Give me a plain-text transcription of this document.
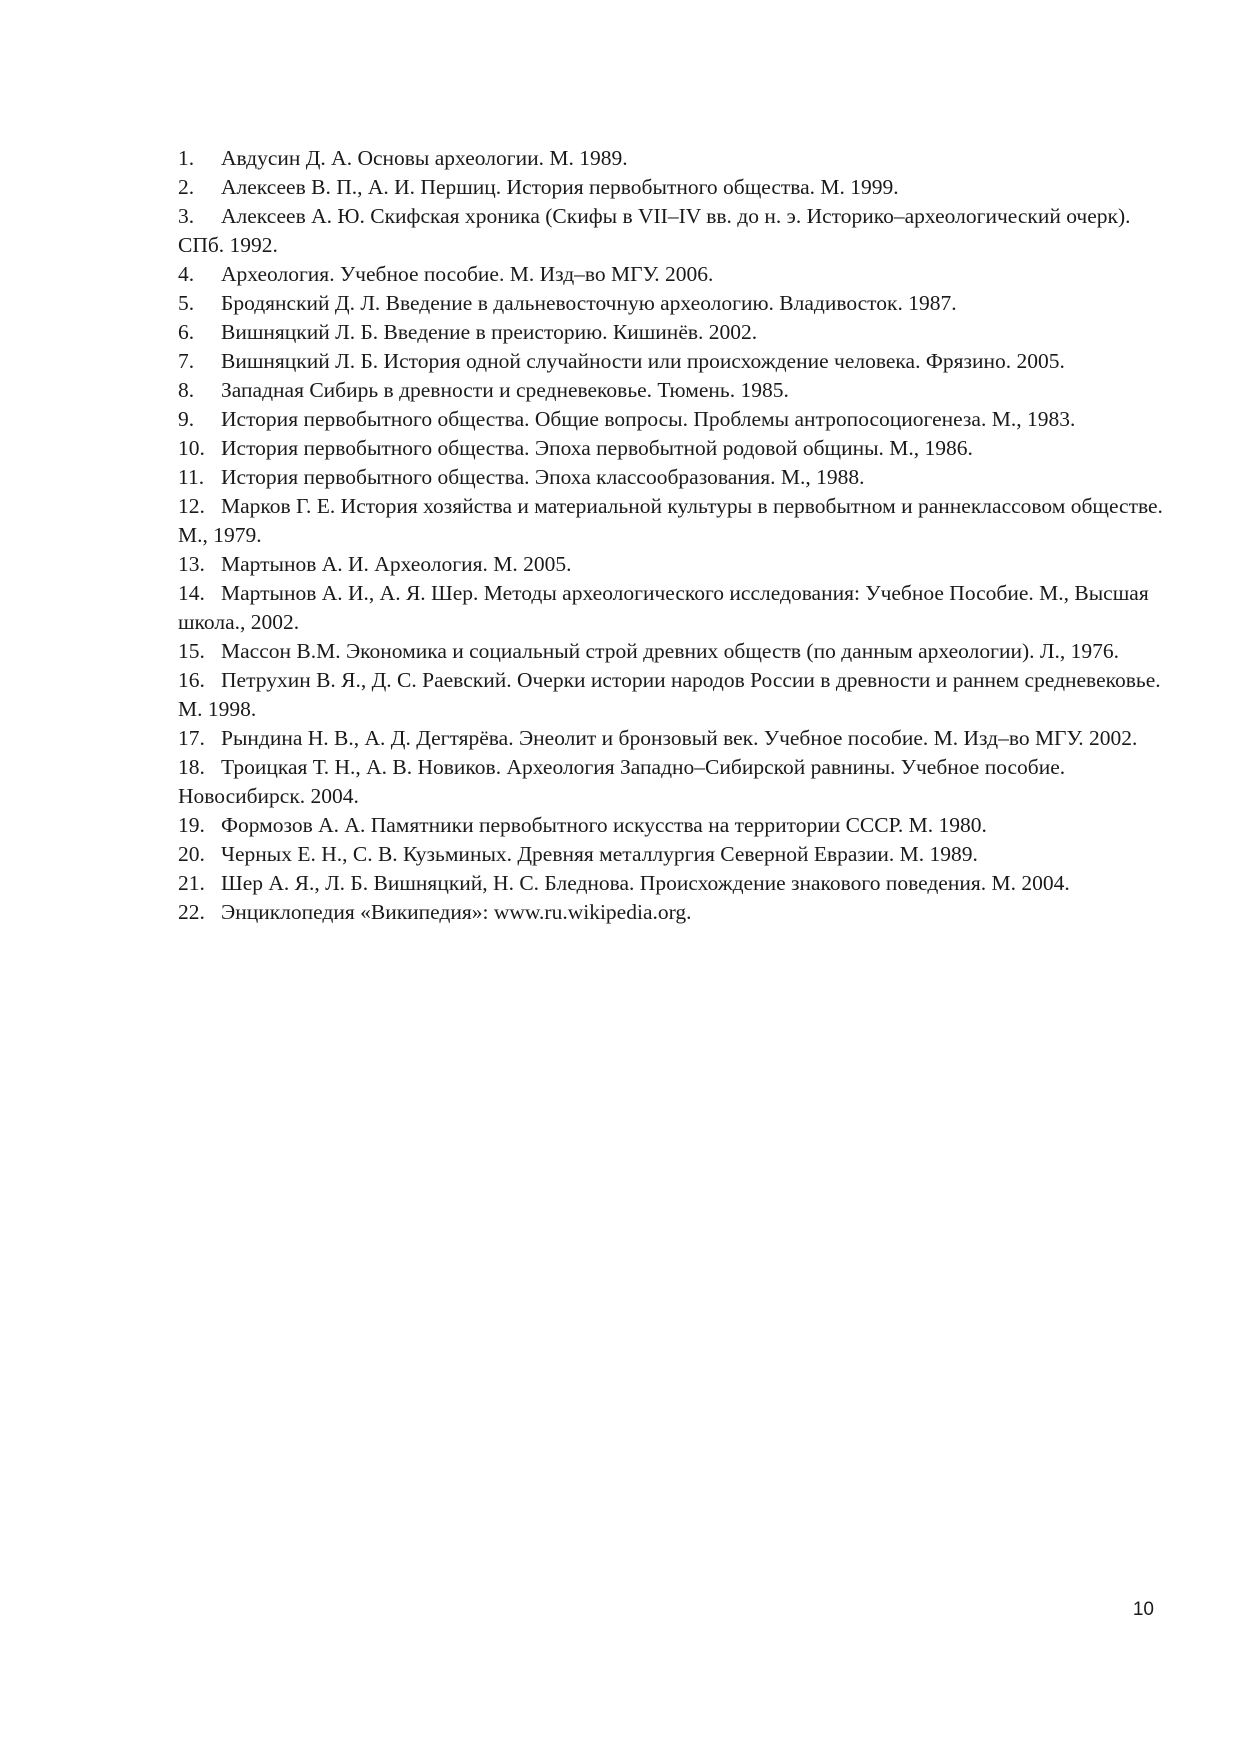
1. Авдусин Д. А. Основы археологии. М. 1989.
2. Алексеев В. П., А. И. Першиц. История первобытного общества. М. 1999.
3. Алексеев А. Ю. Скифская хроника (Скифы в VII–IV вв. до н. э. Историко–археологический очерк). СПб. 1992.
4. Археология. Учебное пособие. М. Изд–во МГУ. 2006.
5. Бродянский Д. Л. Введение в дальневосточную археологию. Владивосток. 1987.
6. Вишняцкий Л. Б. Введение в преисторию. Кишинёв. 2002.
7. Вишняцкий Л. Б. История одной случайности или происхождение человека. Фрязино. 2005.
8. Западная Сибирь в древности и средневековье. Тюмень. 1985.
9. История первобытного общества. Общие вопросы. Проблемы антропосоциогенеза. М., 1983.
10. История первобытного общества. Эпоха первобытной родовой общины. М., 1986.
11. История первобытного общества. Эпоха классообразования. М., 1988.
12. Марков Г. Е. История хозяйства и материальной культуры в первобытном и раннеклассовом обществе. М., 1979.
13. Мартынов А. И. Археология. М. 2005.
14. Мартынов А. И., А. Я. Шер. Методы археологического исследования: Учебное Пособие. М., Высшая школа., 2002.
15. Массон В.М. Экономика и социальный строй древних обществ (по данным археологии). Л., 1976.
16. Петрухин В. Я., Д. С. Раевский. Очерки истории народов России в древности и раннем средневековье. М. 1998.
17. Рындина Н. В., А. Д. Дегтярёва. Энеолит и бронзовый век. Учебное пособие. М. Изд–во МГУ. 2002.
18. Троицкая Т. Н., А. В. Новиков. Археология Западно–Сибирской равнины. Учебное пособие. Новосибирск. 2004.
19. Формозов А. А. Памятники первобытного искусства на территории СССР. М. 1980.
20. Черных Е. Н., С. В. Кузьминых. Древняя металлургия Северной Евразии. М. 1989.
21. Шер А. Я., Л. Б. Вишняцкий, Н. С. Бледнова. Происхождение знакового поведения. М. 2004.
22. Энциклопедия «Википедия»: www.ru.wikipedia.org.
10
